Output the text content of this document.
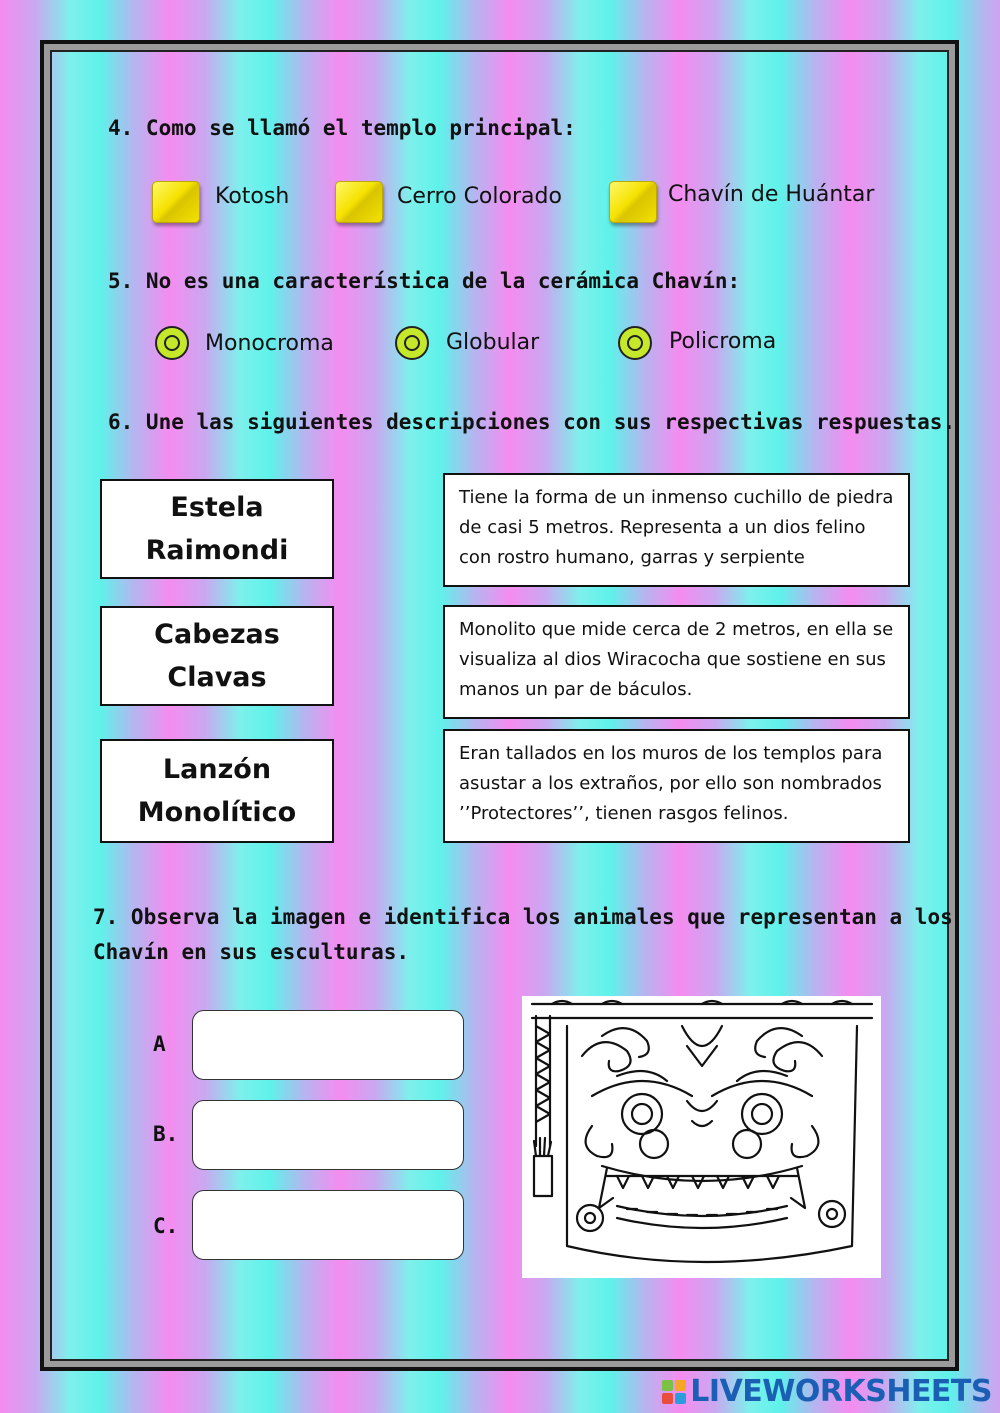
4. Como se llamó el templo principal:

Kotosh	Cerro Colorado	Chavín de Huántar

5. No es una característica de la cerámica Chavín:

Monocroma	Globular	Policroma

6. Une las siguientes descripciones con sus respectivas respuestas.

Estela
Raimondi
Cabezas
Clavas
Lanzón
Monolítico
Tiene la forma de un inmenso cuchillo de piedra de casi 5 metros. Representa a un dios felino con rostro humano, garras y serpiente
Monolito que mide cerca de 2 metros, en ella se visualiza al dios Wiracocha que sostiene en sus manos un par de báculos.
Eran tallados en los muros de los templos para asustar a los extraños, por ello son nombrados ’’Protectores’’, tienen rasgos felinos.

7. Observa la imagen e identifica los animales que representan a los

Chavín en sus esculturas.

A
B.
C.
LIVEWORKSHEETS
